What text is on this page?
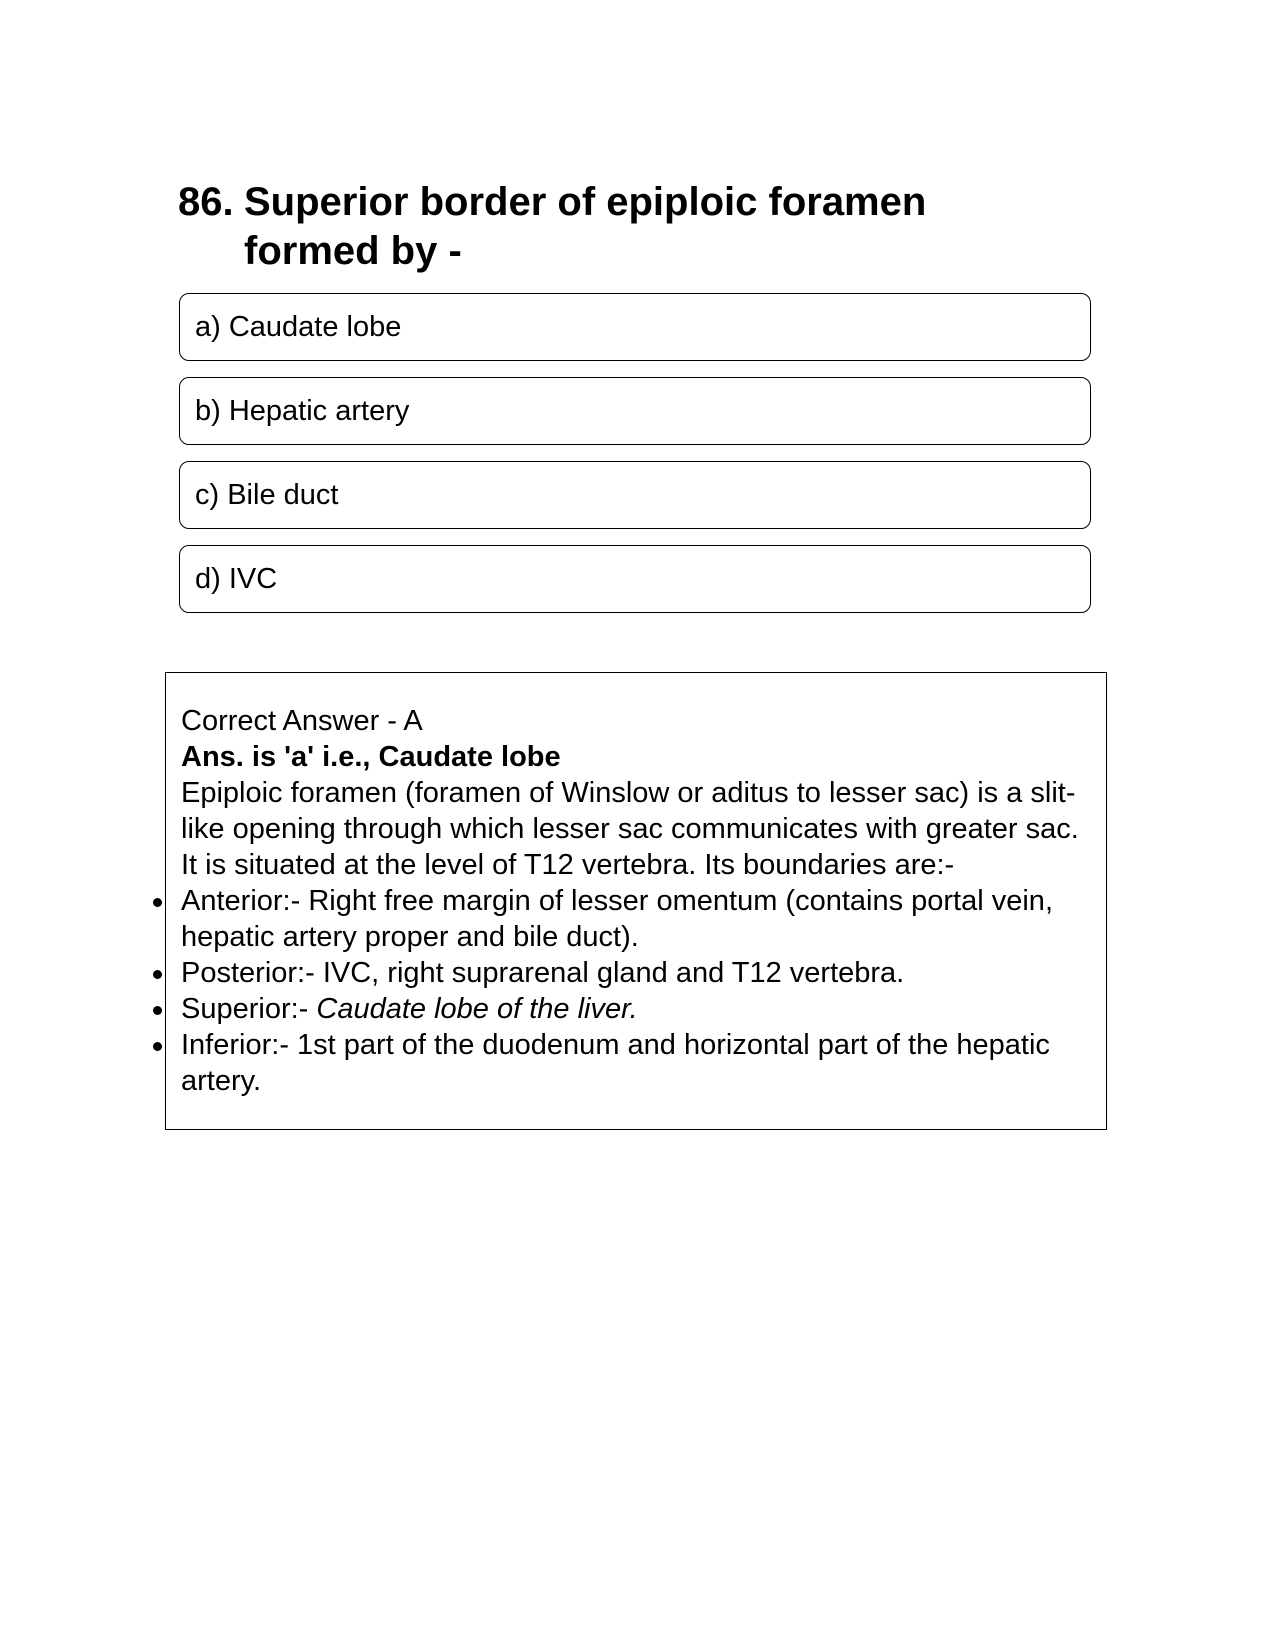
86. Superior border of epiploic foramen formed by -
a) Caudate lobe
b) Hepatic artery
c) Bile duct
d) IVC

Correct Answer - A

Ans. is 'a' i.e., Caudate lobe

Epiploic foramen (foramen of Winslow or aditus to lesser sac) is a slit-like opening through which lesser sac communicates with greater sac. It is situated at the level of T12 vertebra. Its boundaries are:-

Anterior:- Right free margin of lesser omentum (contains portal vein, hepatic artery proper and bile duct).
Posterior:- IVC, right suprarenal gland and T12 vertebra.
Superior:- Caudate lobe of the liver.
Inferior:- 1st part of the duodenum and horizontal part of the hepatic artery.
